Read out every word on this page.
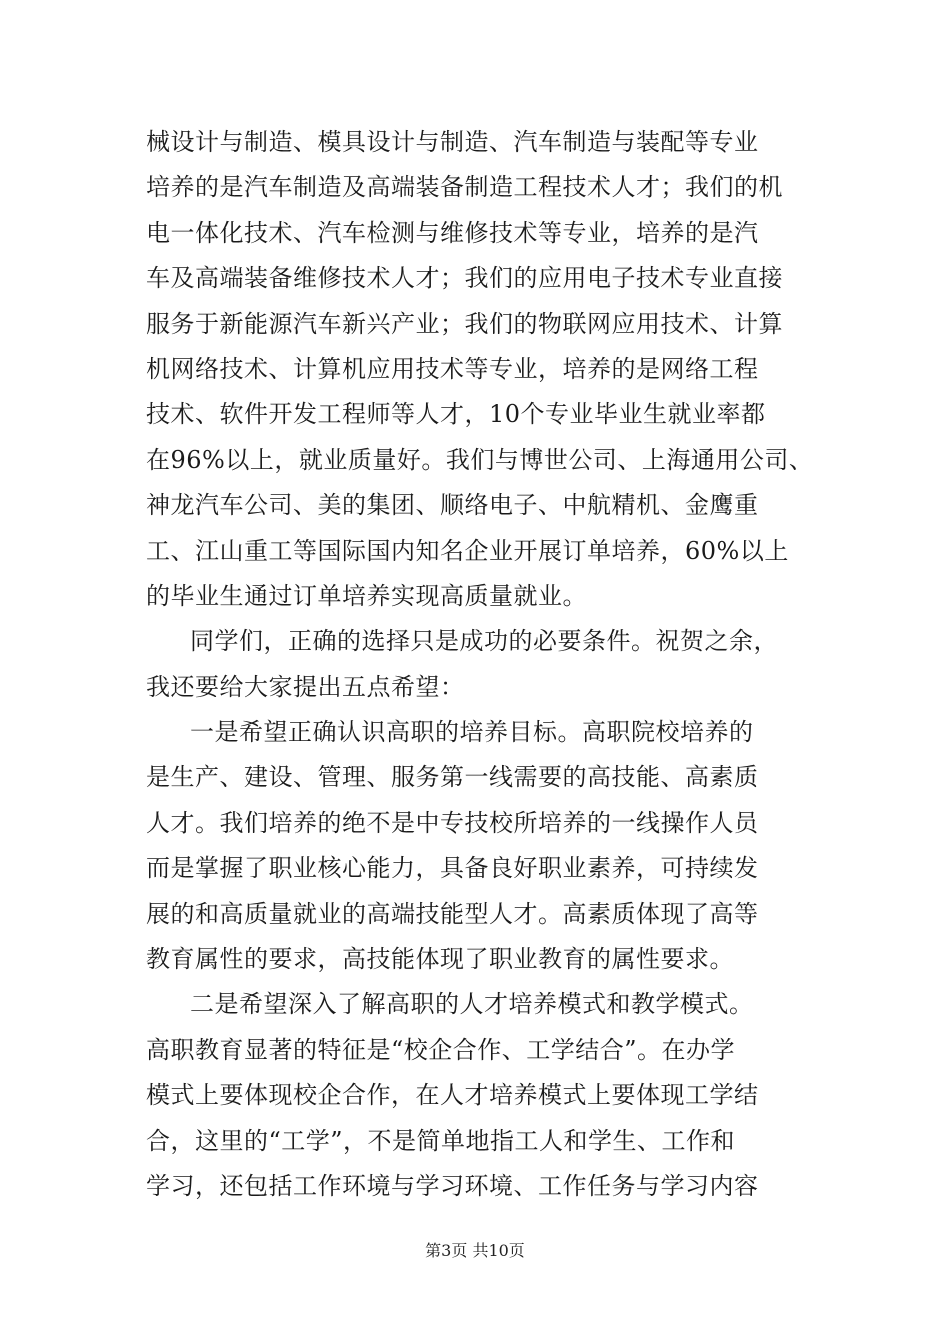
械设计与制造、模具设计与制造、汽车制造与装配等专业
培养的是汽车制造及高端装备制造工程技术人才；我们的机
电一体化技术、汽车检测与维修技术等专业，培养的是汽
车及高端装备维修技术人才；我们的应用电子技术专业直接
服务于新能源汽车新兴产业；我们的物联网应用技术、计算
机网络技术、计算机应用技术等专业，培养的是网络工程
技术、软件开发工程师等人才，10个专业毕业生就业率都
在96%以上，就业质量好。我们与博世公司、上海通用公司、
神龙汽车公司、美的集团、顺络电子、中航精机、金鹰重
工、江山重工等国际国内知名企业开展订单培养，60%以上
的毕业生通过订单培养实现高质量就业。
同学们，正确的选择只是成功的必要条件。祝贺之余，
我还要给大家提出五点希望：
一是希望正确认识高职的培养目标。高职院校培养的
是生产、建设、管理、服务第一线需要的高技能、高素质
人才。我们培养的绝不是中专技校所培养的一线操作人员
而是掌握了职业核心能力，具备良好职业素养，可持续发
展的和高质量就业的高端技能型人才。高素质体现了高等
教育属性的要求，高技能体现了职业教育的属性要求。
二是希望深入了解高职的人才培养模式和教学模式。
高职教育显著的特征是“校企合作、工学结合”。在办学
模式上要体现校企合作，在人才培养模式上要体现工学结
合，这里的“工学”，不是简单地指工人和学生、工作和
学习，还包括工作环境与学习环境、工作任务与学习内容
第3页 共10页
